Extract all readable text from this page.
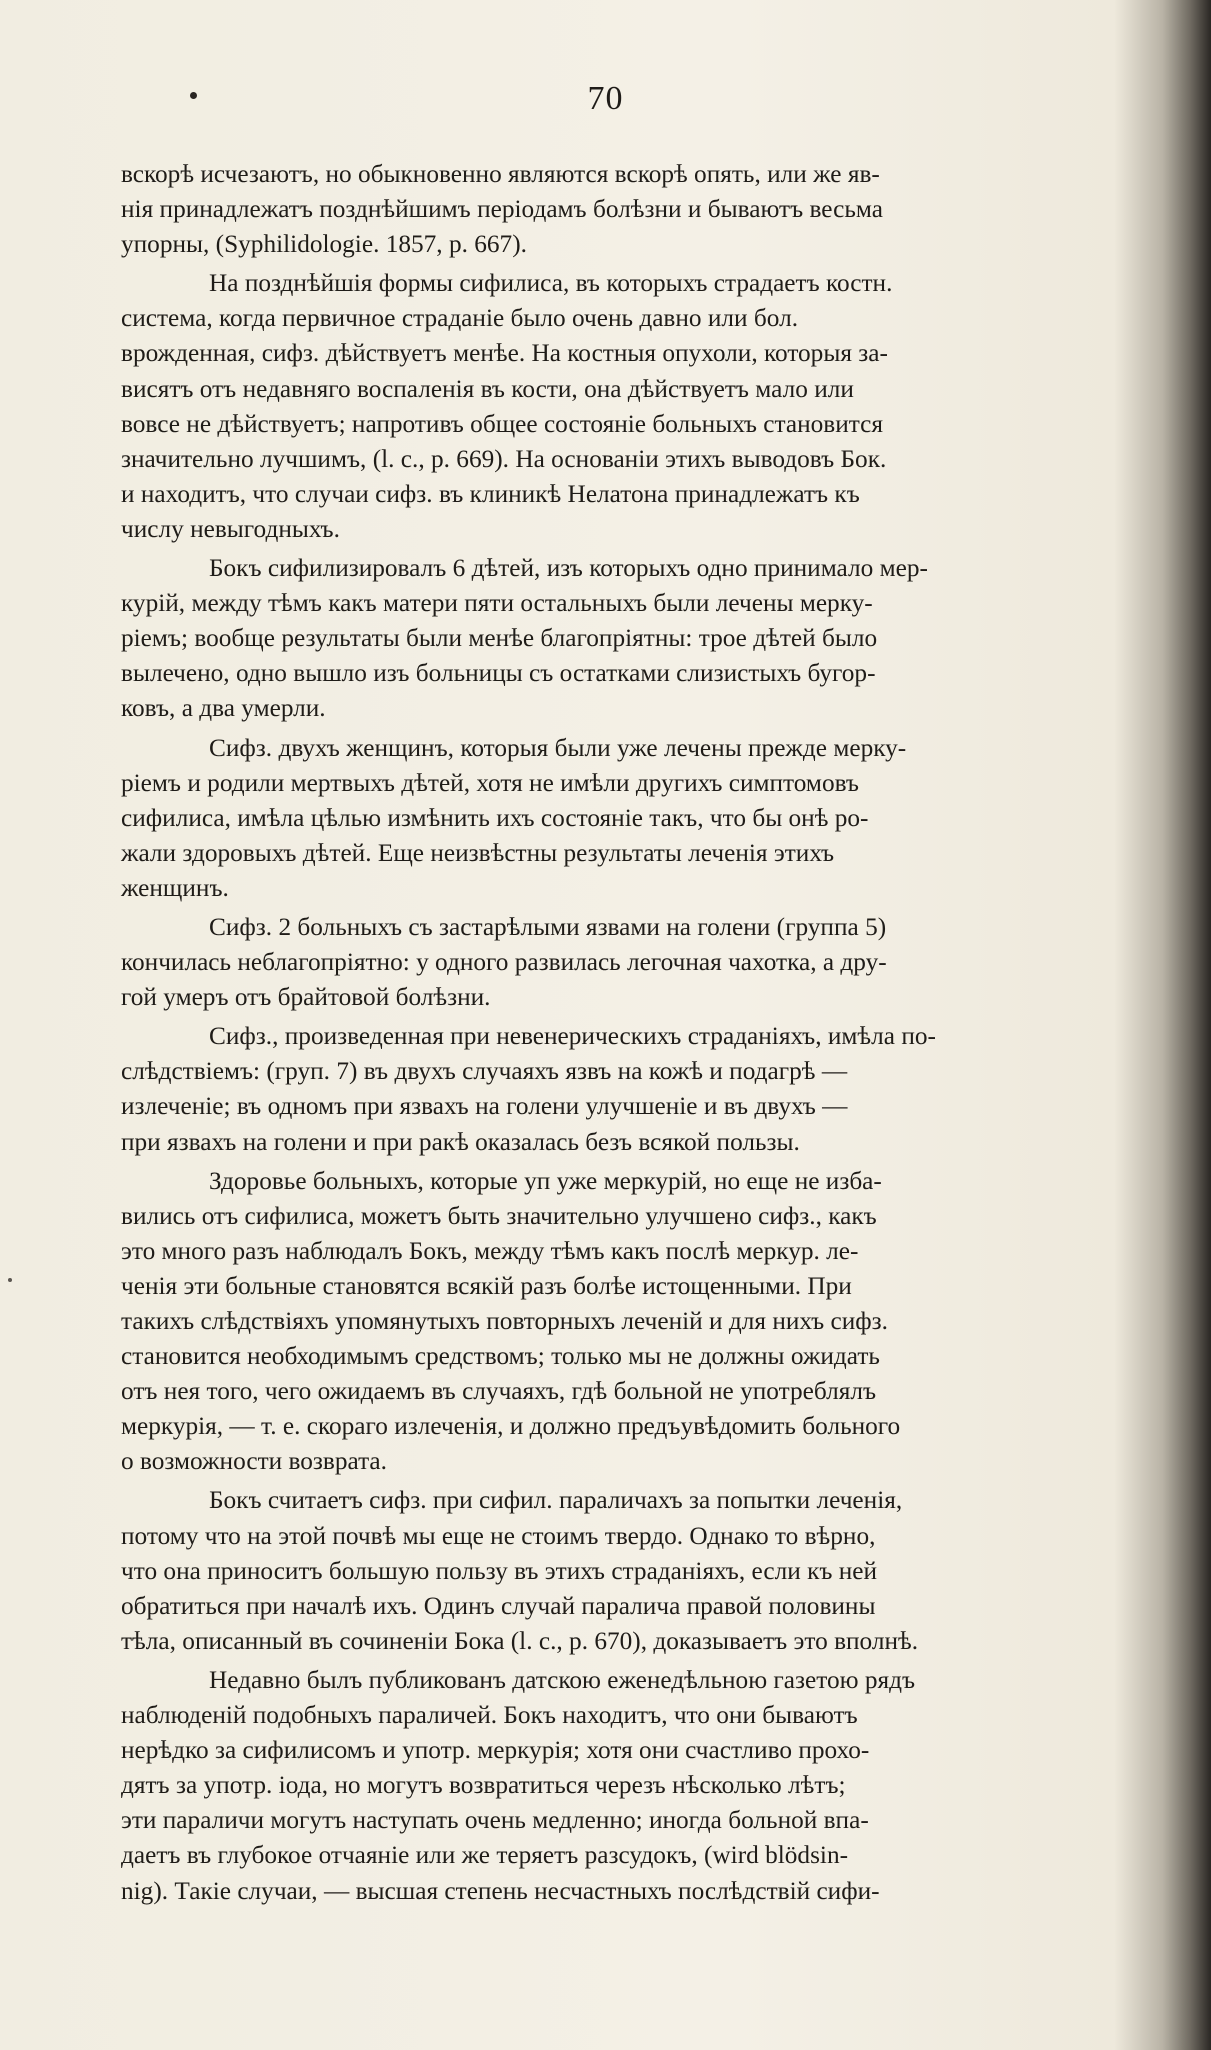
70
вскорѣ исчезаютъ, но обыкновенно являются вскорѣ опять, или же яв-
нія принадлежатъ позднѣйшимъ періодамъ болѣзни и бываютъ весьма
упорны, (Syphilidologie. 1857, p. 667).
На позднѣйшія формы сифилиса, въ которыхъ страдаетъ костн.
система, когда первичное страданіе было очень давно или бол.
врожденная, сифз. дѣйствуетъ менѣе. На костныя опухоли, которыя за-
висятъ отъ недавняго воспаленія въ кости, она дѣйствуетъ мало или
вовсе не дѣйствуетъ; напротивъ общее состояніе больныхъ становится
значительно лучшимъ, (l. c., p. 669). На основаніи этихъ выводовъ Бок.
и находитъ, что случаи сифз. въ клиникѣ Нелатона принадлежатъ къ
числу невыгодныхъ.
Бокъ сифилизировалъ 6 дѣтей, изъ которыхъ одно принимало мер-
курій, между тѣмъ какъ матери пяти остальныхъ были лечены мерку-
ріемъ; вообще результаты были менѣе благопріятны: трое дѣтей было
вылечено, одно вышло изъ больницы съ остатками слизистыхъ бугор-
ковъ, а два умерли.
Сифз. двухъ женщинъ, которыя были уже лечены прежде мерку-
ріемъ и родили мертвыхъ дѣтей, хотя не имѣли другихъ симптомовъ
сифилиса, имѣла цѣлью измѣнить ихъ состояніе такъ, что бы онѣ ро-
жали здоровыхъ дѣтей. Еще неизвѣстны результаты леченія этихъ
женщинъ.
Сифз. 2 больныхъ съ застарѣлыми язвами на голени (группа 5)
кончилась неблагопріятно: у одного развилась легочная чахотка, а дру-
гой умеръ отъ брайтовой болѣзни.
Сифз., произведенная при невенерическихъ страданіяхъ, имѣла по-
слѣдствіемъ: (груп. 7) въ двухъ случаяхъ язвъ на кожѣ и подагрѣ —
излеченіе; въ одномъ при язвахъ на голени улучшеніе и въ двухъ —
при язвахъ на голени и при ракѣ оказалась безъ всякой пользы.
Здоровье больныхъ, которые уп уже меркурій, но еще не изба-
вились отъ сифилиса, можетъ быть значительно улучшено сифз., какъ
это много разъ наблюдалъ Бокъ, между тѣмъ какъ послѣ меркур. ле-
ченія эти больные становятся всякій разъ болѣе истощенными. При
такихъ слѣдствіяхъ упомянутыхъ повторныхъ леченій и для нихъ сифз.
становится необходимымъ средствомъ; только мы не должны ожидать
отъ нея того, чего ожидаемъ въ случаяхъ, гдѣ больной не употреблялъ
меркурія, — т. е. скораго излеченія, и должно предъувѣдомить больного
о возможности возврата.
Бокъ считаетъ сифз. при сифил. параличахъ за попытки леченія,
потому что на этой почвѣ мы еще не стоимъ твердо. Однако то вѣрно,
что она приноситъ большую пользу въ этихъ страданіяхъ, если къ ней
обратиться при началѣ ихъ. Одинъ случай паралича правой половины
тѣла, описанный въ сочиненіи Бока (l. c., p. 670), доказываетъ это вполнѣ.
Недавно былъ публикованъ датскою еженедѣльною газетою рядъ
наблюденій подобныхъ параличей. Бокъ находитъ, что они бываютъ
нерѣдко за сифилисомъ и употр. меркурія; хотя они счастливо прохо-
дятъ за употр. іода, но могутъ возвратиться черезъ нѣсколько лѣтъ;
эти параличи могутъ наступать очень медленно; иногда больной впа-
даетъ въ глубокое отчаяніе или же теряетъ разсудокъ, (wird blödsin-
nig). Такіе случаи, — высшая степень несчастныхъ послѣдствій сифи-
